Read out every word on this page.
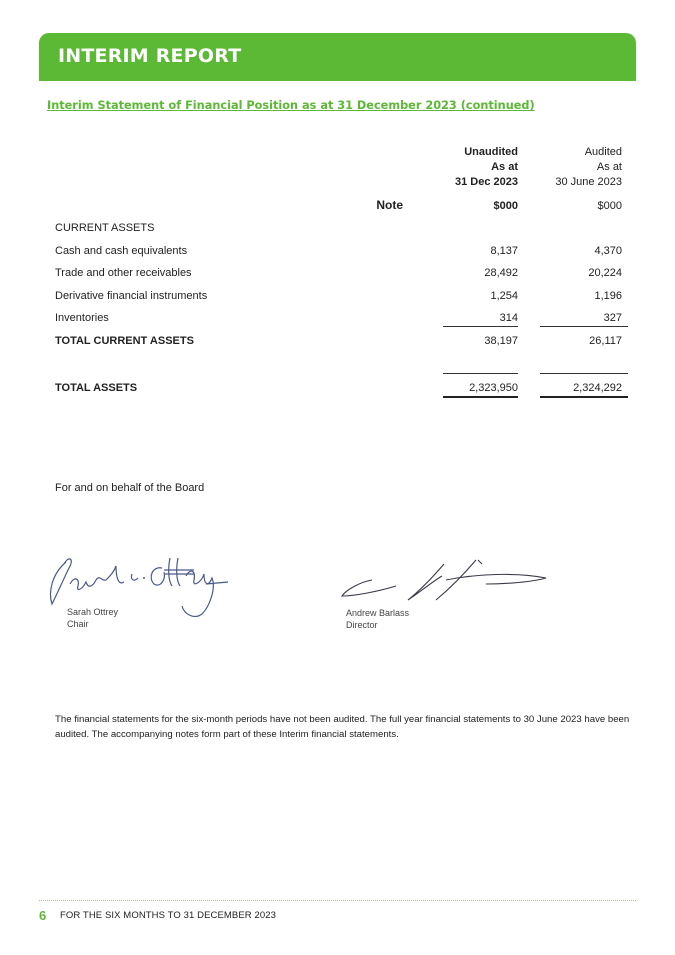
INTERIM REPORT
Interim Statement of Financial Position as at 31 December 2023 (continued)
Unaudited
As at
31 Dec 2023
Audited
As at
30 June 2023
Note	$000	$000
CURRENT ASSETS
Cash and cash equivalents	8,137	4,370
Trade and other receivables	28,492	20,224
Derivative financial instruments	1,254	1,196
Inventories	314	327
TOTAL CURRENT ASSETS	38,197	26,117
TOTAL ASSETS	2,323,950	2,324,292
For and on behalf of the Board
Sarah Ottrey
Chair
Andrew Barlass
Director
The financial statements for the six-month periods have not been audited. The full year financial statements to 30 June 2023 have been audited. The accompanying notes form part of these Interim financial statements.
6 FOR THE SIX MONTHS TO 31 DECEMBER 2023
